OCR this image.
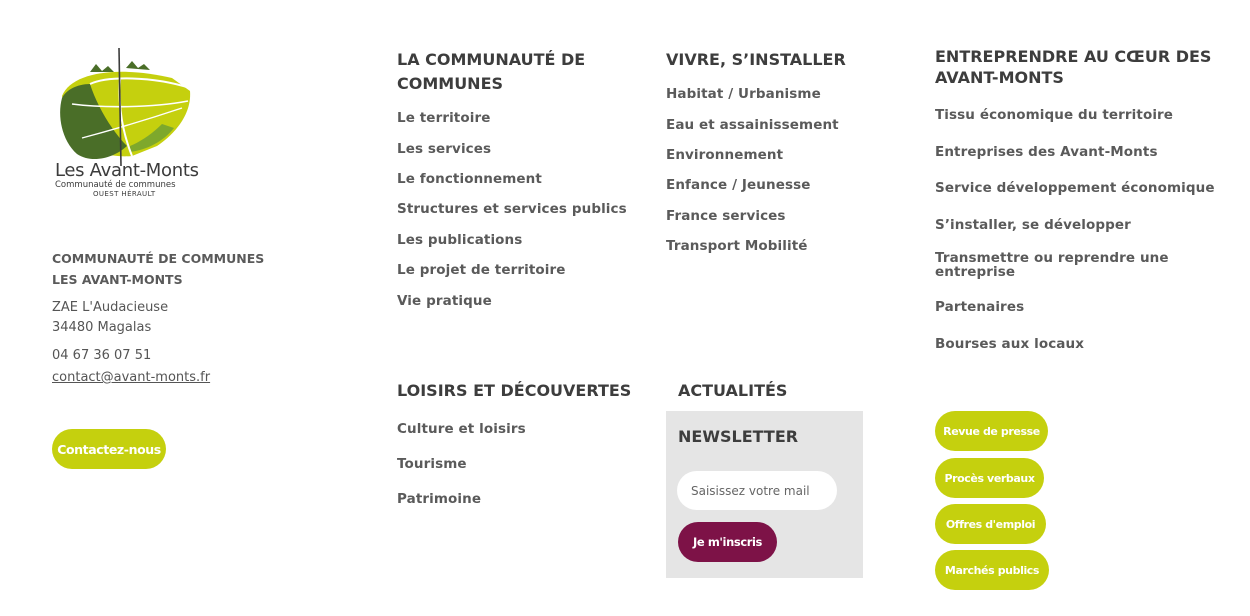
Les Avant-Monts
Communauté de communes
OUEST HÉRAULT
COMMUNAUTÉ DE COMMUNES
LES AVANT-MONTS
ZAE L'Audacieuse
34480 Magalas
04 67 36 07 51
contact@avant-monts.fr
Contactez-nous
LA COMMUNAUTÉ DE
COMMUNES
Le territoire
Les services
Le fonctionnement
Structures et services publics
Les publications
Le projet de territoire
Vie pratique
VIVRE, S’INSTALLER
Habitat / Urbanisme
Eau et assainissement
Environnement
Enfance / Jeunesse
France services
Transport Mobilité
ENTREPRENDRE AU CŒUR DES
AVANT-MONTS
Tissu économique du territoire
Entreprises des Avant-Monts
Service développement économique
S’installer, se développer
Transmettre ou reprendre une
entreprise
Partenaires
Bourses aux locaux
LOISIRS ET DÉCOUVERTES
Culture et loisirs
Tourisme
Patrimoine
ACTUALITÉS
NEWSLETTER
Saisissez votre mail
Je m'inscris
Revue de presse
Procès verbaux
Offres d'emploi
Marchés publics
